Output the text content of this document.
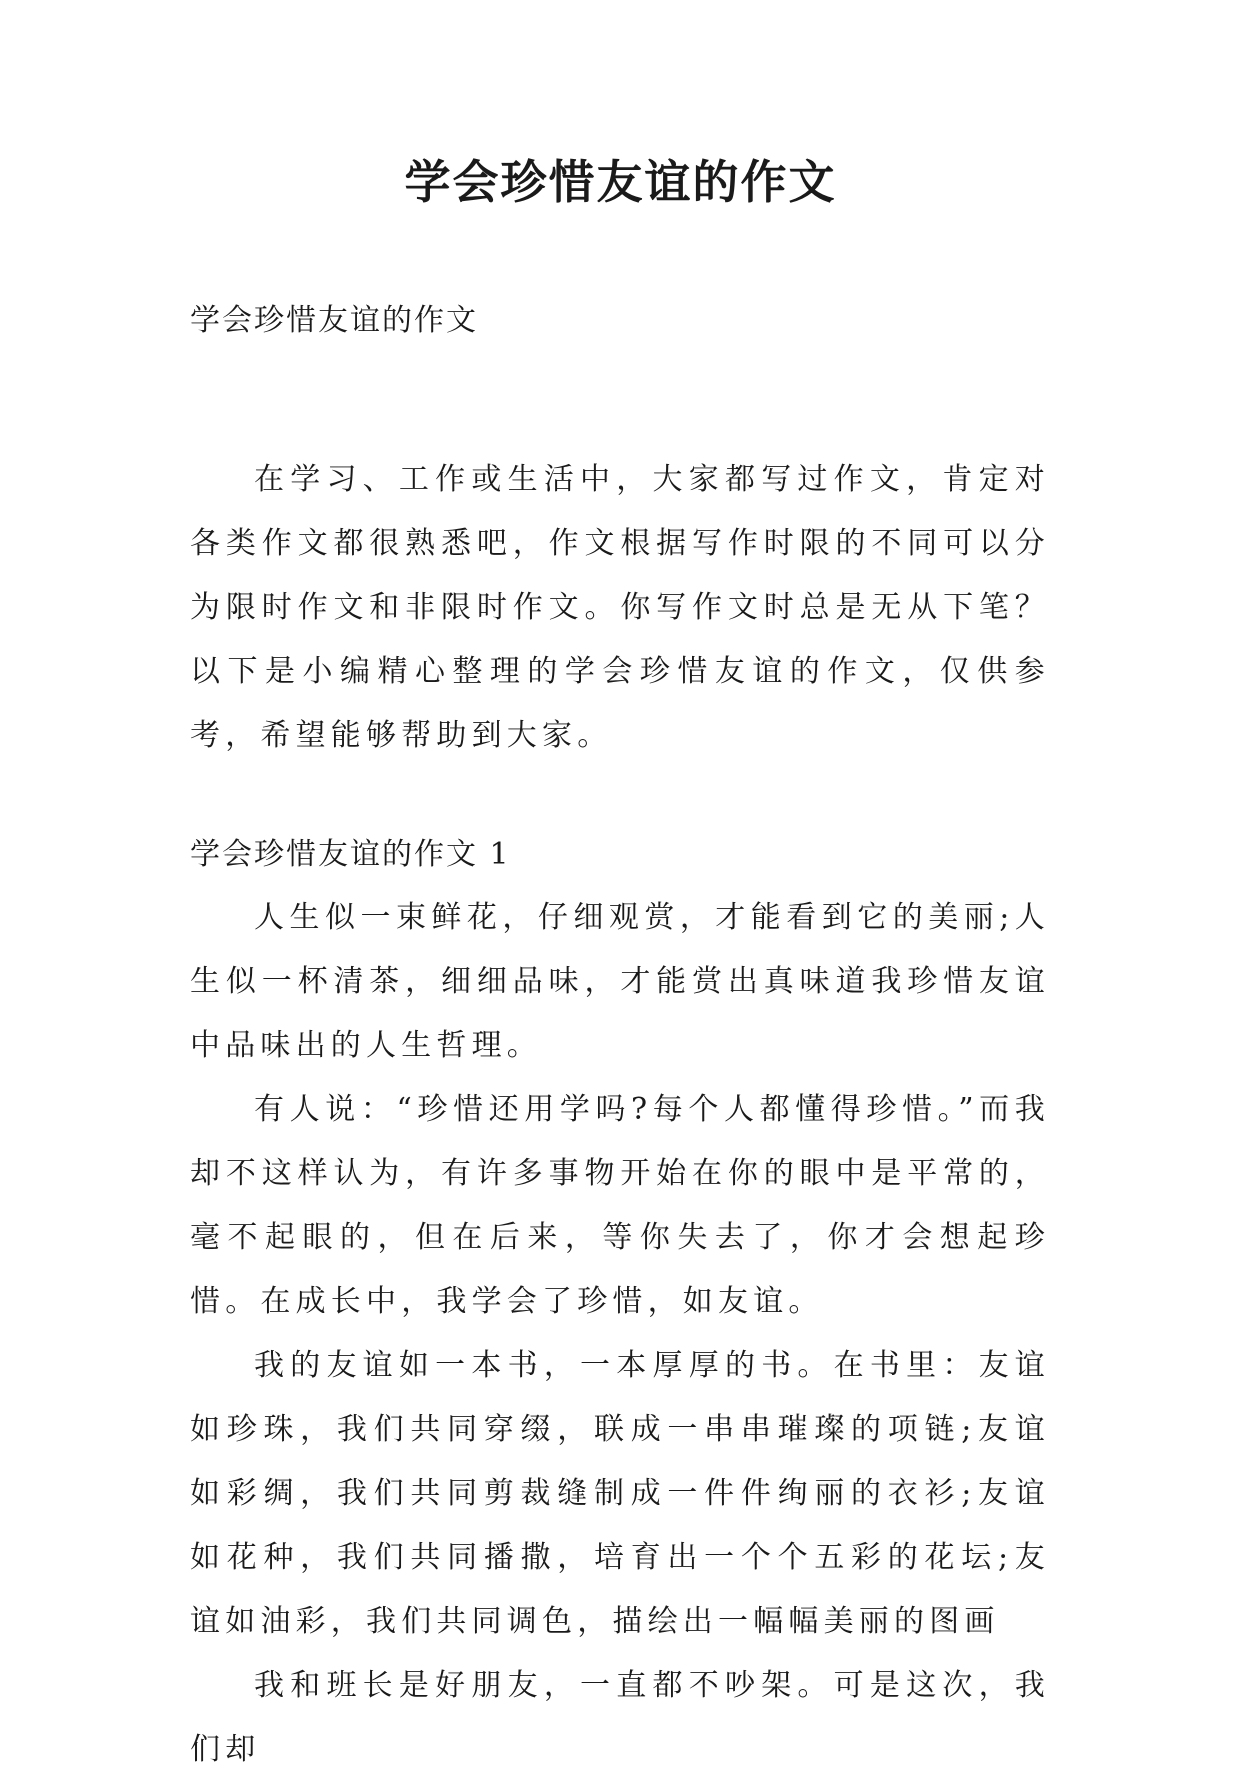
学会珍惜友谊的作文

学会珍惜友谊的作文

在学习、工作或生活中，大家都写过作文，肯定对各类作文都很熟悉吧，作文根据写作时限的不同可以分为限时作文和非限时作文。你写作文时总是无从下笔？以下是小编精心整理的学会珍惜友谊的作文，仅供参考，希望能够帮助到大家。

学会珍惜友谊的作文 1

人生似一束鲜花，仔细观赏，才能看到它的美丽;人生似一杯清茶，细细品味，才能赏出真味道我珍惜友谊中品味出的人生哲理。

有人说：“珍惜还用学吗?每个人都懂得珍惜。”而我却不这样认为，有许多事物开始在你的眼中是平常的，毫不起眼的，但在后来，等你失去了，你才会想起珍惜。在成长中，我学会了珍惜，如友谊。

我的友谊如一本书，一本厚厚的书。在书里：友谊如珍珠，我们共同穿缀，联成一串串璀璨的项链;友谊如彩绸，我们共同剪裁缝制成一件件绚丽的衣衫;友谊如花种，我们共同播撒，培育出一个个五彩的花坛;友谊如油彩，我们共同调色，描绘出一幅幅美丽的图画

我和班长是好朋友，一直都不吵架。可是这次，我们却
